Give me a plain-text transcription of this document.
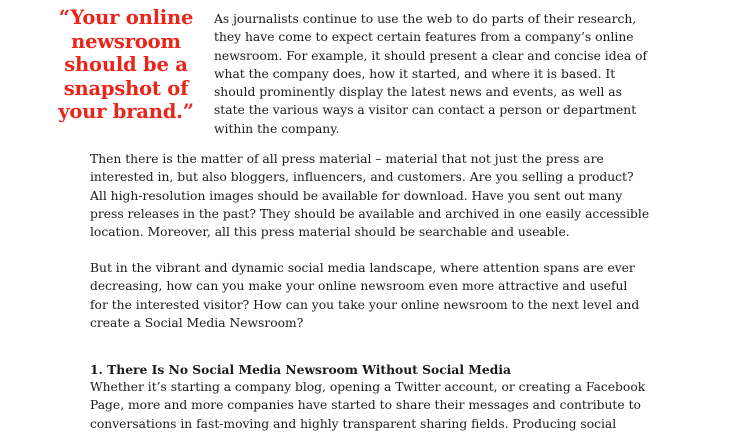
“Your online
newsroom
should be a
snapshot of
your brand.”
As journalists continue to use the web to do parts of their research,
they have come to expect certain features from a company’s online
newsroom. For example, it should present a clear and concise idea of
what the company does, how it started, and where it is based. It
should prominently display the latest news and events, as well as
state the various ways a visitor can contact a person or department
within the company.
Then there is the matter of all press material – material that not just the press are
interested in, but also bloggers, influencers, and customers. Are you selling a product?
All high-resolution images should be available for download. Have you sent out many
press releases in the past? They should be available and archived in one easily accessible
location. Moreover, all this press material should be searchable and useable.
But in the vibrant and dynamic social media landscape, where attention spans are ever
decreasing, how can you make your online newsroom even more attractive and useful
for the interested visitor? How can you take your online newsroom to the next level and
create a Social Media Newsroom?
1. There Is No Social Media Newsroom Without Social Media
Whether it’s starting a company blog, opening a Twitter account, or creating a Facebook
Page, more and more companies have started to share their messages and contribute to
conversations in fast-moving and highly transparent sharing fields. Producing social
